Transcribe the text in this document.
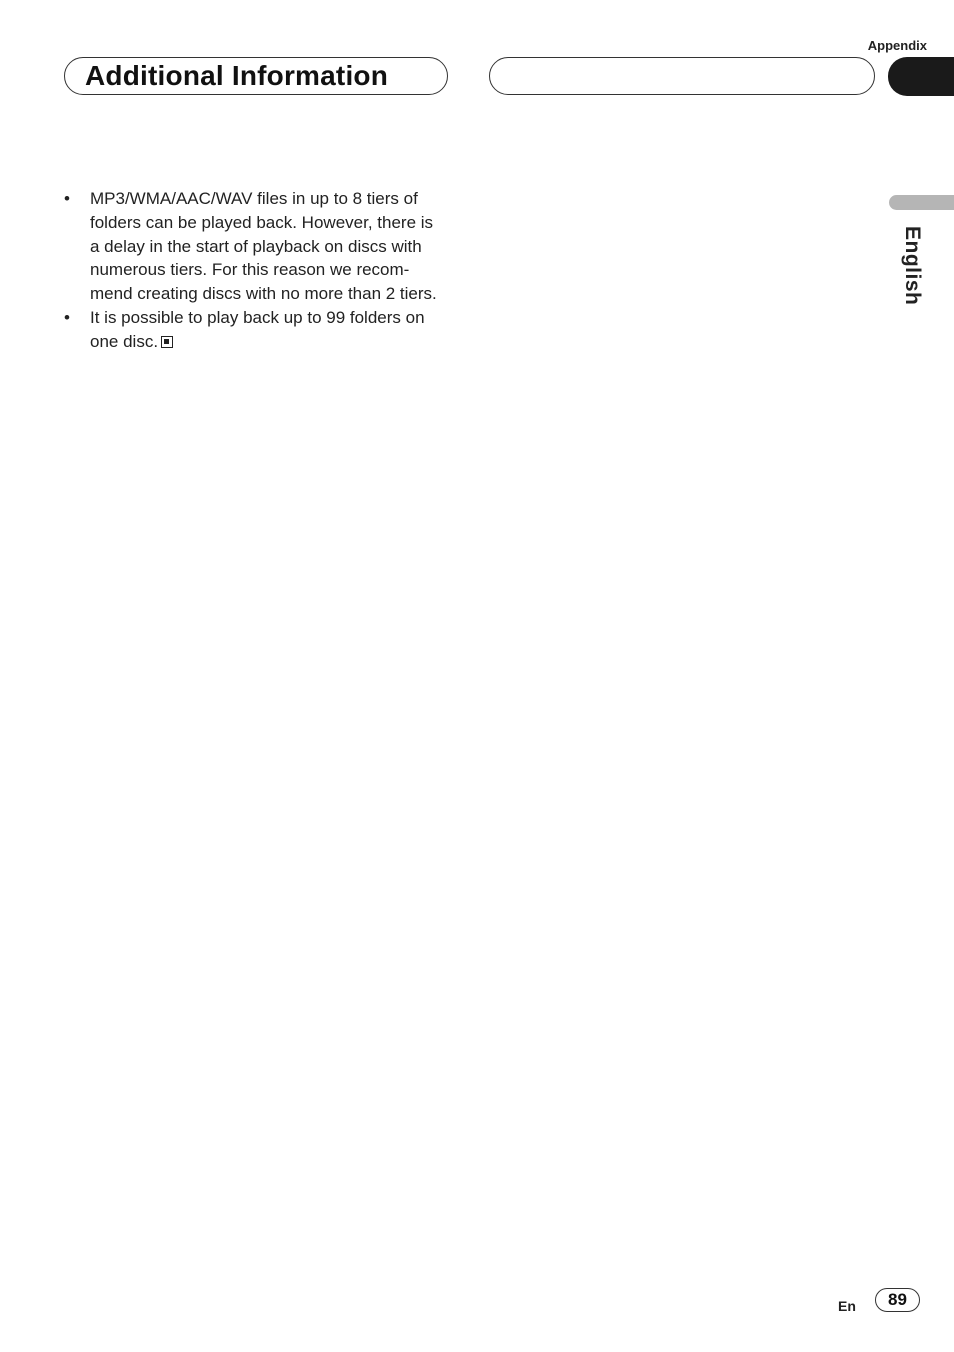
Appendix
Additional Information
English
• MP3/WMA/AAC/WAV files in up to 8 tiers of folders can be played back. However, there is a delay in the start of playback on discs with numerous tiers. For this reason we recom- mend creating discs with no more than 2 tiers.
• It is possible to play back up to 99 folders on one disc.
En	89
